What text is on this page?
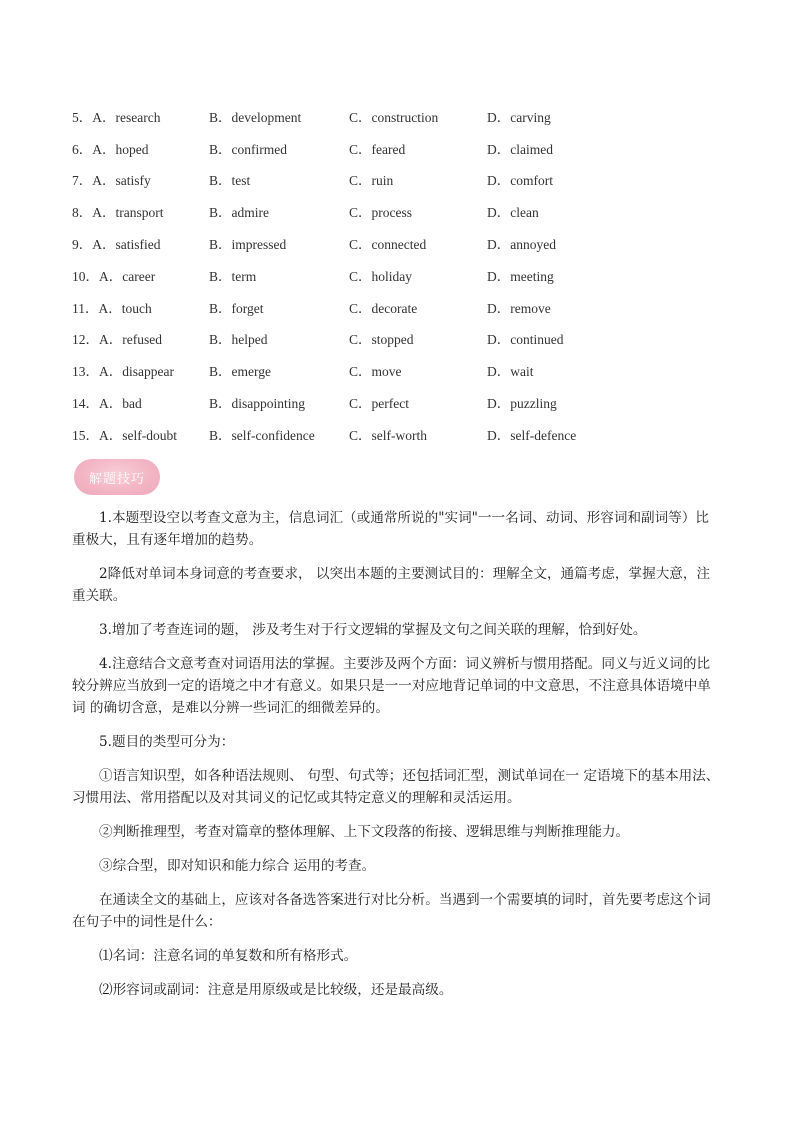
5．A．research	B．development	C．construction	D．carving
6．A．hoped	B．confirmed	C．feared	D．claimed
7．A．satisfy	B．test	C．ruin	D．comfort
8．A．transport	B．admire	C．process	D．clean
9．A．satisfied	B．impressed	C．connected	D．annoyed
10．A．career	B．term	C．holiday	D．meeting
11．A．touch	B．forget	C．decorate	D．remove
12．A．refused	B．helped	C．stopped	D．continued
13．A．disappear	B．emerge	C．move	D．wait
14．A．bad	B．disappointing	C．perfect	D．puzzling
15．A．self-doubt	B．self-confidence	C．self-worth	D．self-defence
解题技巧

1.本题型设空以考查文意为主，信息词汇（或通常所说的"实词"一一名词、动词、形容词和副词等）比重极大，且有逐年增加的趋势。

2降低对单词本身词意的考查要求， 以突出本题的主要测试目的：理解全文，通篇考虑，掌握大意，注 重关联。

3.增加了考查连词的题， 涉及考生对于行文逻辑的掌握及文句之间关联的理解，恰到好处。

4.注意结合文意考查对词语用法的掌握。主要涉及两个方面：词义辨析与惯用搭配。同义与近义词的比 较分辨应当放到一定的语境之中才有意义。如果只是一一对应地背记单词的中文意思，不注意具体语境中单词 的确切含意，是难以分辨一些词汇的细微差异的。

5.题目的类型可分为：

①语言知识型，如各种语法规则、 句型、句式等；还包括词汇型，测试单词在一 定语境下的基本用法、习惯用法、常用搭配以及对其词义的记忆或其特定意义的理解和灵活运用。

②判断推理型，考查对篇章的整体理解、上下文段落的衔接、逻辑思维与判断推理能力。

③综合型，即对知识和能力综合 运用的考查。

在通读全文的基础上，应该对各备选答案进行对比分析。当遇到一个需要填的词时，首先要考虑这个词在句子中的词性是什么：

⑴名词：注意名词的单复数和所有格形式。

⑵形容词或副词：注意是用原级或是比较级，还是最高级。
